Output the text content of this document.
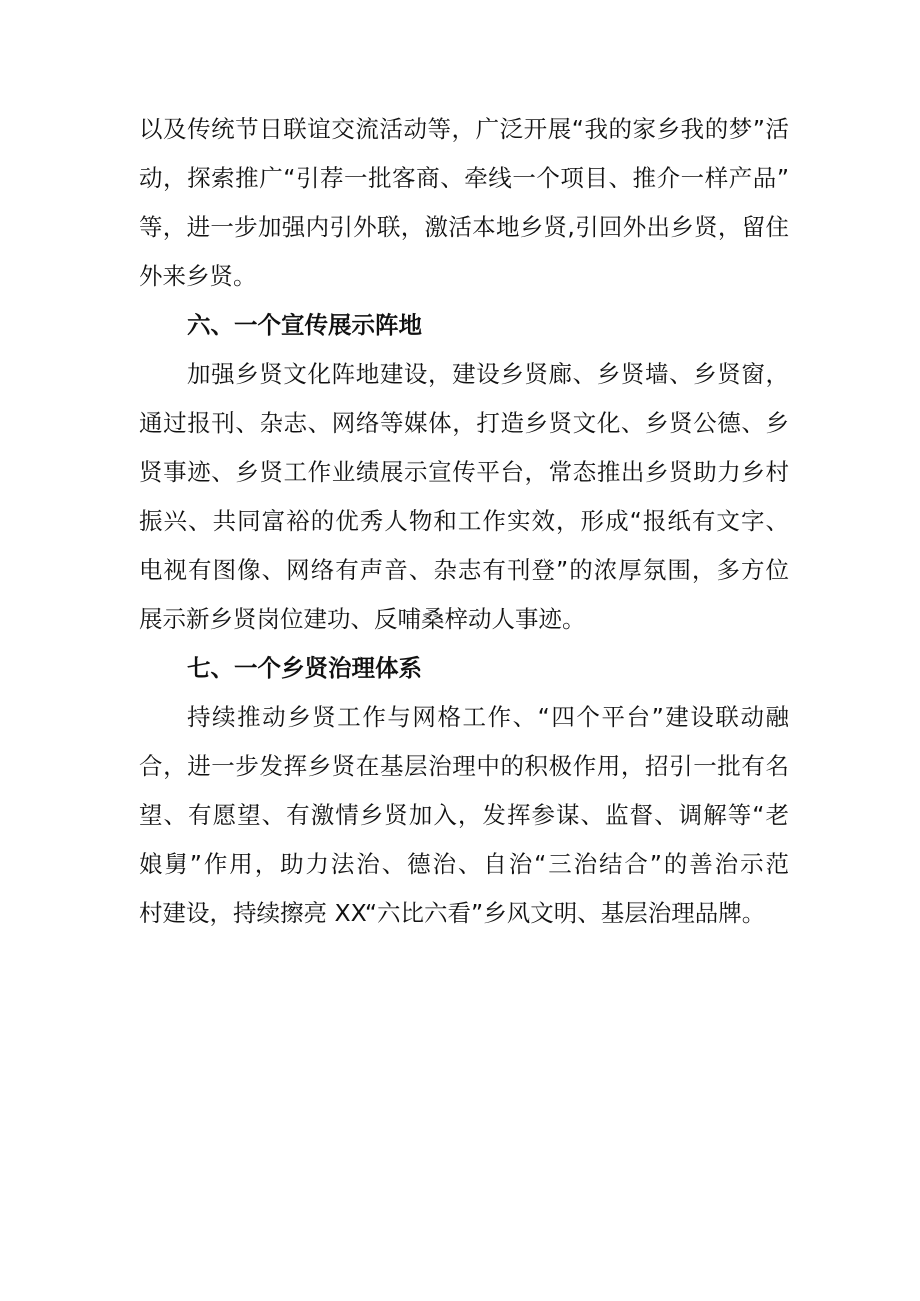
以及传统节日联谊交流活动等，广泛开展“我的家乡我的梦”活
动，探索推广“引荐一批客商、牵线一个项目、推介一样产品”
等，进一步加强内引外联，激活本地乡贤,引回外出乡贤，留住
外来乡贤。
六、一个宣传展示阵地
加强乡贤文化阵地建设，建设乡贤廊、乡贤墙、乡贤窗，
通过报刊、杂志、网络等媒体，打造乡贤文化、乡贤公德、乡
贤事迹、乡贤工作业绩展示宣传平台，常态推出乡贤助力乡村
振兴、共同富裕的优秀人物和工作实效，形成“报纸有文字、
电视有图像、网络有声音、杂志有刊登”的浓厚氛围，多方位
展示新乡贤岗位建功、反哺桑梓动人事迹。
七、一个乡贤治理体系
持续推动乡贤工作与网格工作、“四个平台”建设联动融
合，进一步发挥乡贤在基层治理中的积极作用，招引一批有名
望、有愿望、有激情乡贤加入，发挥参谋、监督、调解等“老
娘舅”作用，助力法治、德治、自治“三治结合”的善治示范
村建设，持续擦亮 XX“六比六看”乡风文明、基层治理品牌。
